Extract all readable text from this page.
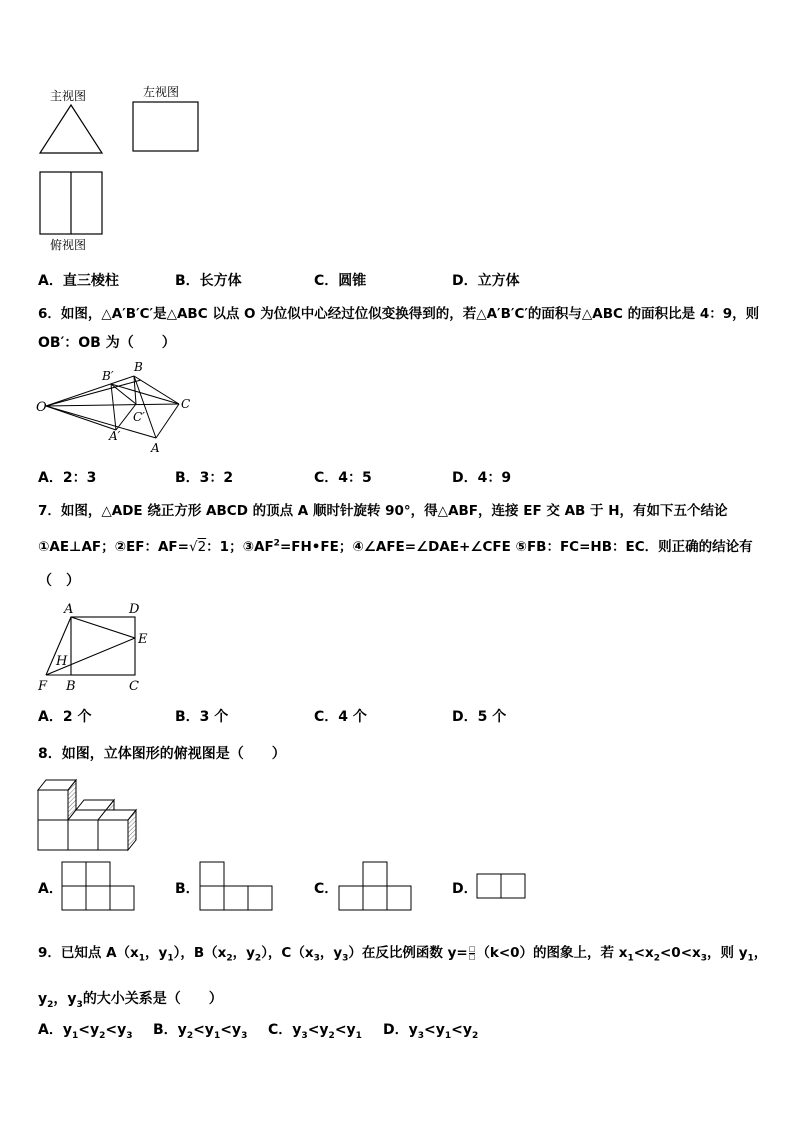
主视图	左视图
俯视图
A．直三棱柱	B．长方体	C．圆锥	D．立方体
6．如图，△A′B′C′是△ABC 以点 O 为位似中心经过位似变换得到的，若△A′B′C′的面积与△ABC 的面积比是 4：9，则
OB′：OB 为（　　）
O
B′
B
C
C′
A′
A
A．2：3	B．3：2	C．4：5	D．4：9
7．如图，△ADE 绕正方形 ABCD 的顶点 A 顺时针旋转 90°，得△ABF，连接 EF 交 AB 于 H，有如下五个结论
①AE⊥AF；②EF：AF=√2：1；$③AF^2=FH•FE$；④∠AFE=∠DAE+∠CFE ⑤FB：FC=HB：EC．则正确的结论有
（　）
A	D
E
H
F B	C
A．2 个	B．3 个	C．4 个	D．5 个
8．如图，立体图形的俯视图是（　　）
A．	B．	C．	D．
9．已知点 $A(x_1$，$y_1$），$B(x_2$，$y_2$），$C(x_3$，$y_3$）在反比例函数 y= □
□ （k<0）的图象上，若 $x_1<x_2<0<x_3$，则 $y_1$，
$y_2$，$y_3$的大小关系是（　　）
A．$y_1<y_2<y_3$ B．$y_2<y_1<y_3$ C．$y_3<y_2<y_1$ D．$y_3<y_1<y_2$
